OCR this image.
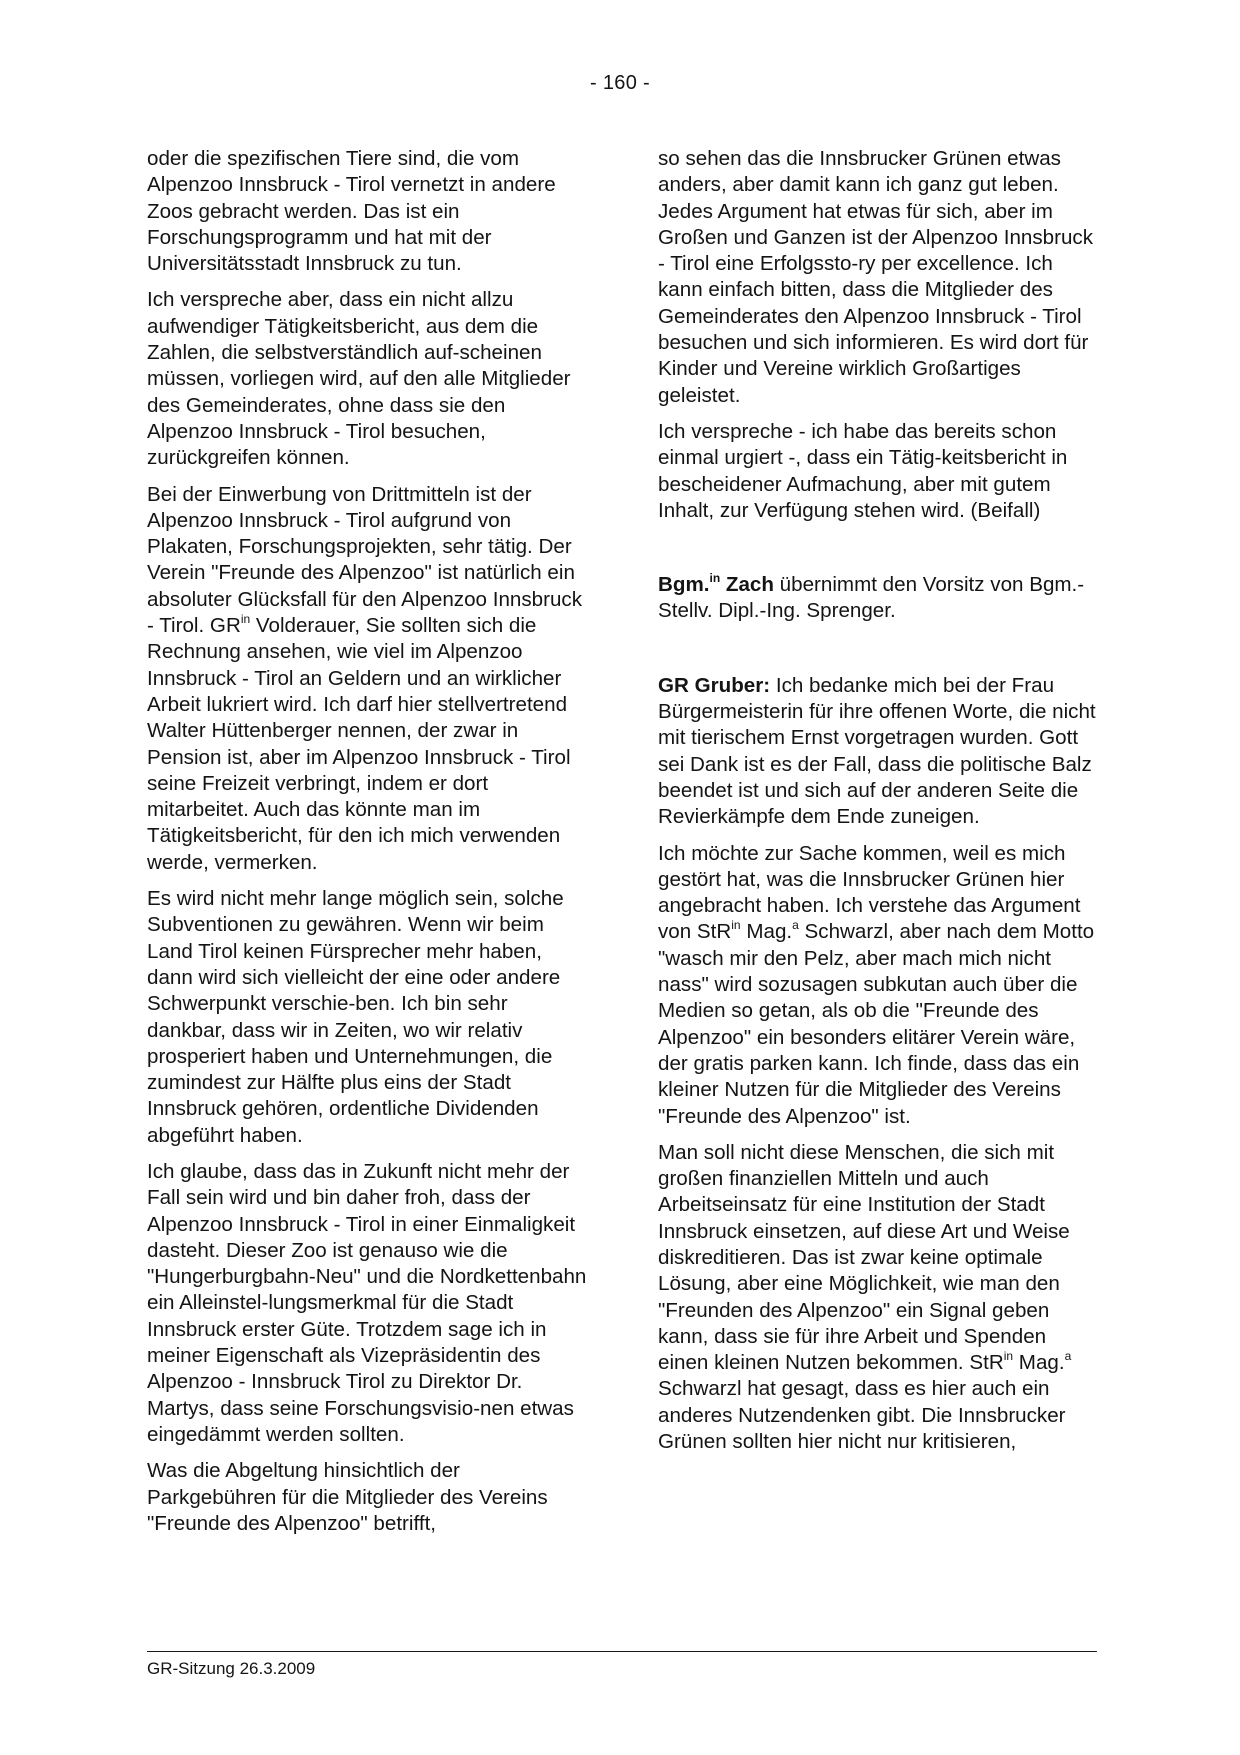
- 160 -

oder die spezifischen Tiere sind, die vom Alpenzoo Innsbruck - Tirol vernetzt in andere Zoos gebracht werden. Das ist ein Forschungsprogramm und hat mit der Universitätsstadt Innsbruck zu tun.

Ich verspreche aber, dass ein nicht allzu aufwendiger Tätigkeitsbericht, aus dem die Zahlen, die selbstverständlich auf-scheinen müssen, vorliegen wird, auf den alle Mitglieder des Gemeinderates, ohne dass sie den Alpenzoo Innsbruck - Tirol besuchen, zurückgreifen können.

Bei der Einwerbung von Drittmitteln ist der Alpenzoo Innsbruck - Tirol aufgrund von Plakaten, Forschungsprojekten, sehr tätig. Der Verein "Freunde des Alpenzoo" ist natürlich ein absoluter Glücksfall für den Alpenzoo Innsbruck - Tirol. $GR^{in}$ Volderauer, Sie sollten sich die Rechnung ansehen, wie viel im Alpenzoo Innsbruck - Tirol an Geldern und an wirklicher Arbeit lukriert wird. Ich darf hier stellvertretend Walter Hüttenberger nennen, der zwar in Pension ist, aber im Alpenzoo Innsbruck - Tirol seine Freizeit verbringt, indem er dort mitarbeitet. Auch das könnte man im Tätigkeitsbericht, für den ich mich verwenden werde, vermerken.

Es wird nicht mehr lange möglich sein, solche Subventionen zu gewähren. Wenn wir beim Land Tirol keinen Fürsprecher mehr haben, dann wird sich vielleicht der eine oder andere Schwerpunkt verschie-ben. Ich bin sehr dankbar, dass wir in Zeiten, wo wir relativ prosperiert haben und Unternehmungen, die zumindest zur Hälfte plus eins der Stadt Innsbruck gehören, ordentliche Dividenden abgeführt haben.

Ich glaube, dass das in Zukunft nicht mehr der Fall sein wird und bin daher froh, dass der Alpenzoo Innsbruck - Tirol in einer Einmaligkeit dasteht. Dieser Zoo ist genauso wie die "Hungerburgbahn-Neu" und die Nordkettenbahn ein Alleinstel-lungsmerkmal für die Stadt Innsbruck erster Güte. Trotzdem sage ich in meiner Eigenschaft als Vizepräsidentin des Alpenzoo - Innsbruck Tirol zu Direktor Dr. Martys, dass seine Forschungsvisio-nen etwas eingedämmt werden sollten.

Was die Abgeltung hinsichtlich der Parkgebühren für die Mitglieder des Vereins "Freunde des Alpenzoo" betrifft,

so sehen das die Innsbrucker Grünen etwas anders, aber damit kann ich ganz gut leben. Jedes Argument hat etwas für sich, aber im Großen und Ganzen ist der Alpenzoo Innsbruck - Tirol eine Erfolgssto-ry per excellence. Ich kann einfach bitten, dass die Mitglieder des Gemeinderates den Alpenzoo Innsbruck - Tirol besuchen und sich informieren. Es wird dort für Kinder und Vereine wirklich Großartiges geleistet.

Ich verspreche - ich habe das bereits schon einmal urgiert -, dass ein Tätig-keitsbericht in bescheidener Aufmachung, aber mit gutem Inhalt, zur Verfügung stehen wird. (Beifall)

Bgm.$^{in}$ Zach übernimmt den Vorsitz von Bgm.-Stellv. Dipl.-Ing. Sprenger.

GR Gruber: Ich bedanke mich bei der Frau Bürgermeisterin für ihre offenen Worte, die nicht mit tierischem Ernst vorgetragen wurden. Gott sei Dank ist es der Fall, dass die politische Balz beendet ist und sich auf der anderen Seite die Revierkämpfe dem Ende zuneigen.

Ich möchte zur Sache kommen, weil es mich gestört hat, was die Innsbrucker Grünen hier angebracht haben. Ich verstehe das Argument von StR$^{in}$ Mag.$^a$ Schwarzl, aber nach dem Motto "wasch mir den Pelz, aber mach mich nicht nass" wird sozusagen subkutan auch über die Medien so getan, als ob die "Freunde des Alpenzoo" ein besonders elitärer Verein wäre, der gratis parken kann. Ich finde, dass das ein kleiner Nutzen für die Mitglieder des Vereins "Freunde des Alpenzoo" ist.

Man soll nicht diese Menschen, die sich mit großen finanziellen Mitteln und auch Arbeitseinsatz für eine Institution der Stadt Innsbruck einsetzen, auf diese Art und Weise diskreditieren. Das ist zwar keine optimale Lösung, aber eine Möglichkeit, wie man den "Freunden des Alpenzoo" ein Signal geben kann, dass sie für ihre Arbeit und Spenden einen kleinen Nutzen bekommen. StR$^{in}$ Mag.$^a$ Schwarzl hat gesagt, dass es hier auch ein anderes Nutzendenken gibt. Die Innsbrucker Grünen sollten hier nicht nur kritisieren,

GR-Sitzung 26.3.2009
